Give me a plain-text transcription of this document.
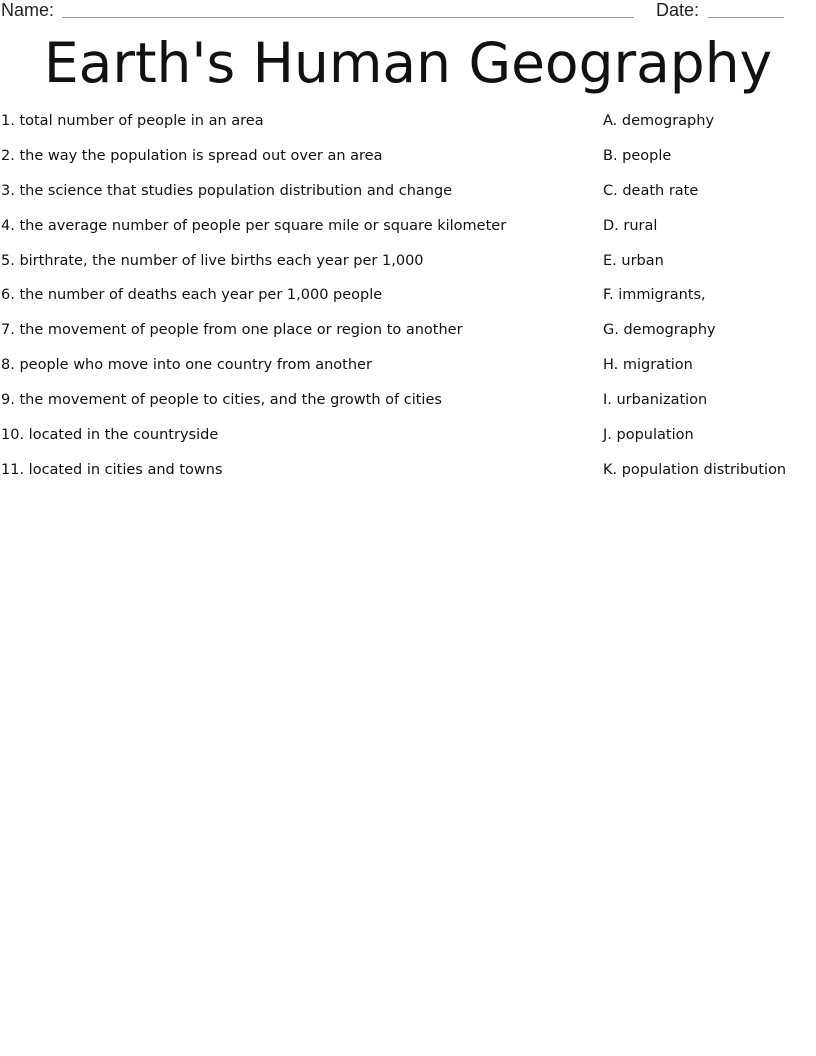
Name:	Date:
Earth's Human Geography
1. total number of people in an area	A. demography
2. the way the population is spread out over an area	B. people
3. the science that studies population distribution and change	C. death rate
4. the average number of people per square mile or square kilometer	D. rural
5. birthrate, the number of live births each year per 1,000	E. urban
6. the number of deaths each year per 1,000 people	F. immigrants,
7. the movement of people from one place or region to another	G. demography
8. people who move into one country from another	H. migration
9. the movement of people to cities, and the growth of cities	I. urbanization
10. located in the countryside	J. population
11. located in cities and towns	K. population distribution
